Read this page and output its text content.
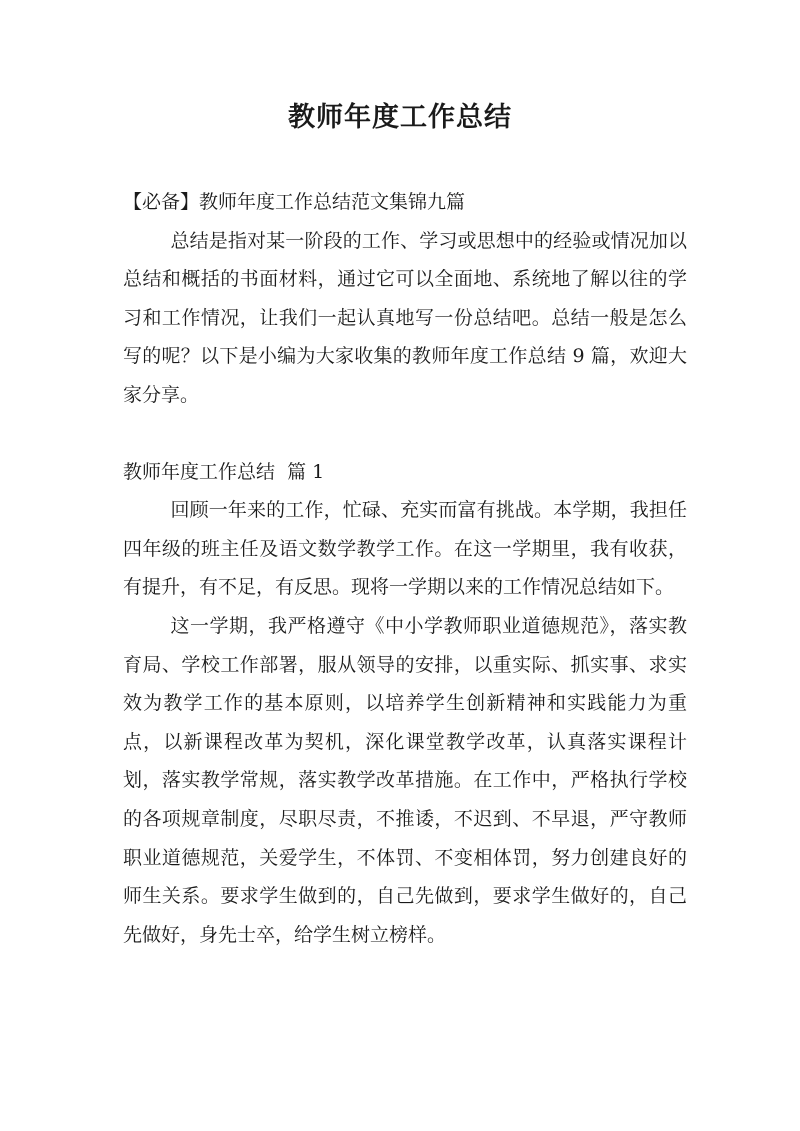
教师年度工作总结

【必备】教师年度工作总结范文集锦九篇

总结是指对某一阶段的工作、学习或思想中的经验或情况加以总结和概括的书面材料，通过它可以全面地、系统地了解以往的学习和工作情况，让我们一起认真地写一份总结吧。总结一般是怎么写的呢？以下是小编为大家收集的教师年度工作总结 9 篇，欢迎大家分享。

教师年度工作总结  篇 1

回顾一年来的工作，忙碌、充实而富有挑战。本学期，我担任四年级的班主任及语文数学教学工作。在这一学期里，我有收获，有提升，有不足，有反思。现将一学期以来的工作情况总结如下。

这一学期，我严格遵守《中小学教师职业道德规范》，落实教育局、学校工作部署，服从领导的安排，以重实际、抓实事、求实效为教学工作的基本原则，以培养学生创新精神和实践能力为重点，以新课程改革为契机，深化课堂教学改革，认真落实课程计划，落实教学常规，落实教学改革措施。在工作中，严格执行学校的各项规章制度，尽职尽责，不推诿，不迟到、不早退，严守教师职业道德规范，关爱学生，不体罚、不变相体罚，努力创建良好的师生关系。要求学生做到的，自己先做到，要求学生做好的，自己先做好，身先士卒，给学生树立榜样。
